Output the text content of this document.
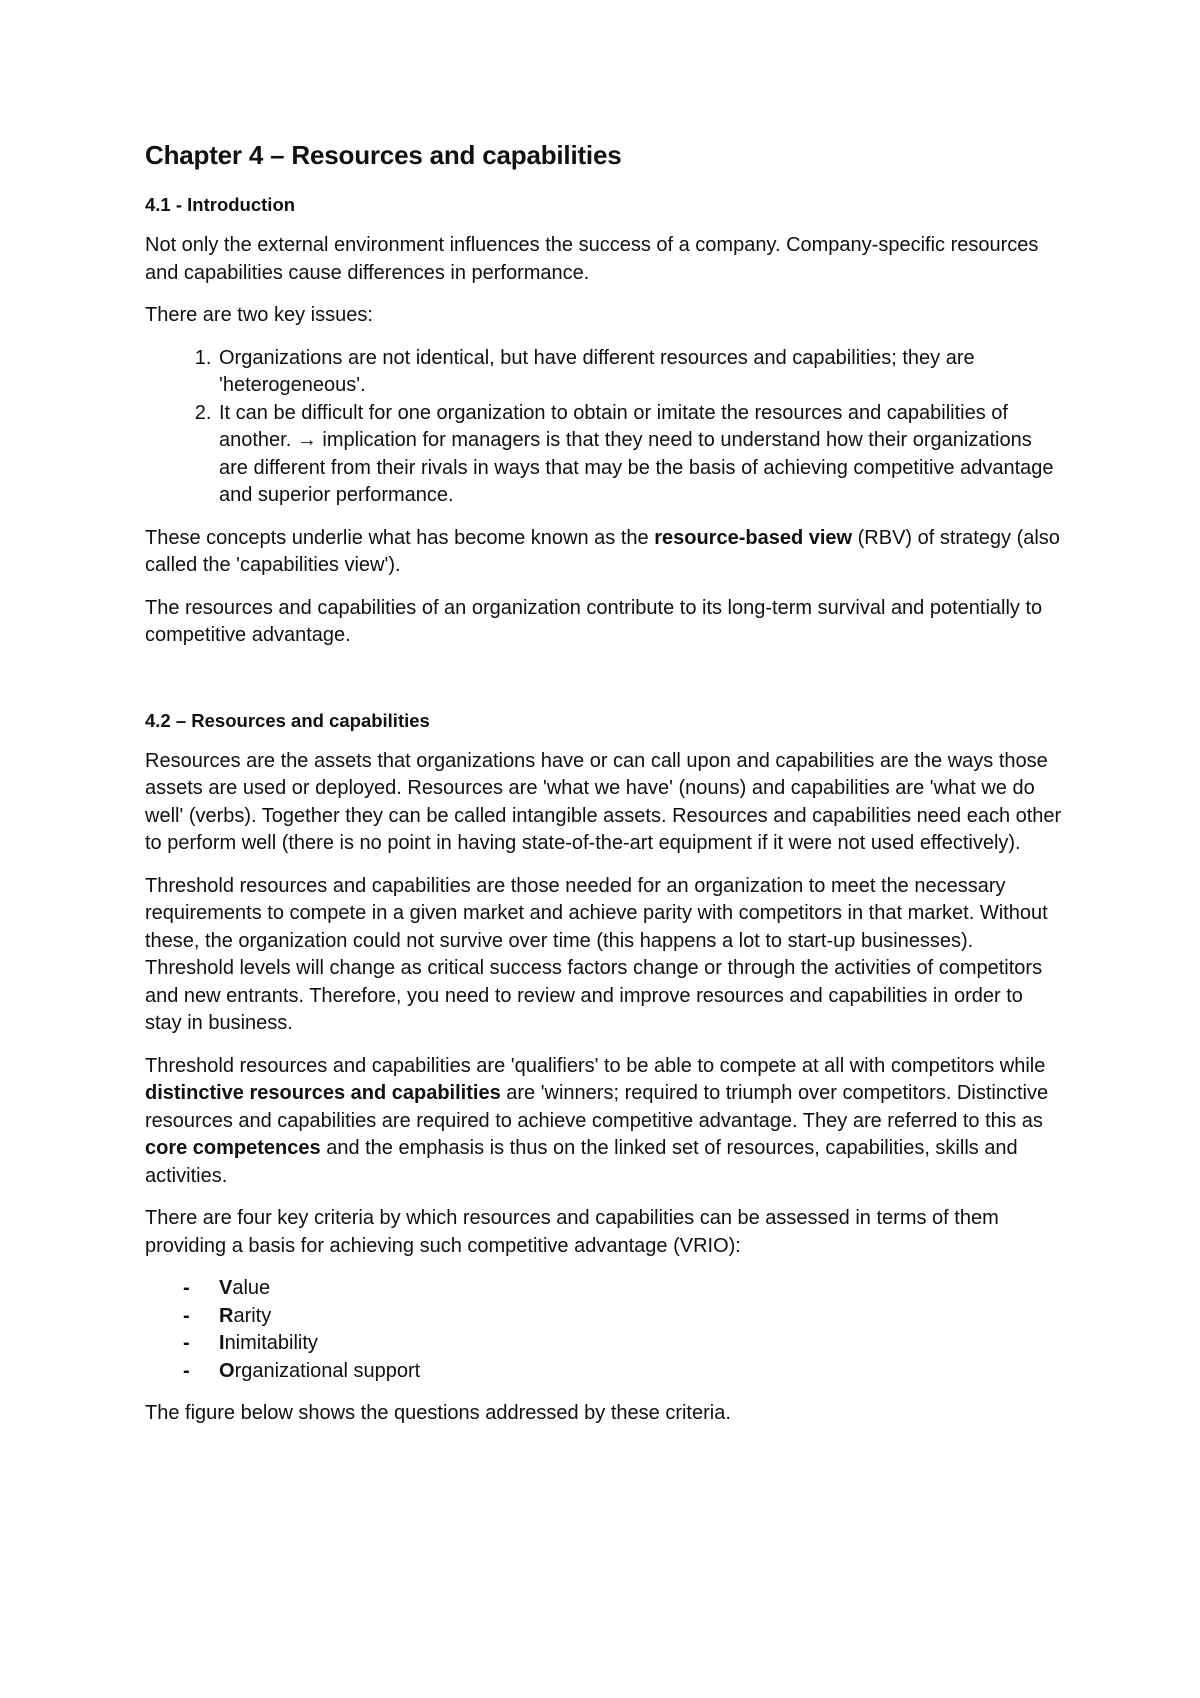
Chapter 4 – Resources and capabilities
4.1 - Introduction

Not only the external environment influences the success of a company. Company-specific resources and capabilities cause differences in performance.

There are two key issues:

1. Organizations are not identical, but have different resources and capabilities; they are 'heterogeneous'.
2. It can be difficult for one organization to obtain or imitate the resources and capabilities of another. → implication for managers is that they need to understand how their organizations are different from their rivals in ways that may be the basis of achieving competitive advantage and superior performance.

These concepts underlie what has become known as the resource-based view (RBV) of strategy (also called the 'capabilities view').

The resources and capabilities of an organization contribute to its long-term survival and potentially to competitive advantage.

4.2 – Resources and capabilities

Resources are the assets that organizations have or can call upon and capabilities are the ways those assets are used or deployed. Resources are 'what we have' (nouns) and capabilities are 'what we do well' (verbs). Together they can be called intangible assets. Resources and capabilities need each other to perform well (there is no point in having state-of-the-art equipment if it were not used effectively).

Threshold resources and capabilities are those needed for an organization to meet the necessary requirements to compete in a given market and achieve parity with competitors in that market. Without these, the organization could not survive over time (this happens a lot to start-up businesses). Threshold levels will change as critical success factors change or through the activities of competitors and new entrants. Therefore, you need to review and improve resources and capabilities in order to stay in business.

Threshold resources and capabilities are 'qualifiers' to be able to compete at all with competitors while distinctive resources and capabilities are 'winners; required to triumph over competitors. Distinctive resources and capabilities are required to achieve competitive advantage. They are referred to this as core competences and the emphasis is thus on the linked set of resources, capabilities, skills and activities.

There are four key criteria by which resources and capabilities can be assessed in terms of them providing a basis for achieving such competitive advantage (VRIO):

- Value
- Rarity
- Inimitability
- Organizational support

The figure below shows the questions addressed by these criteria.
